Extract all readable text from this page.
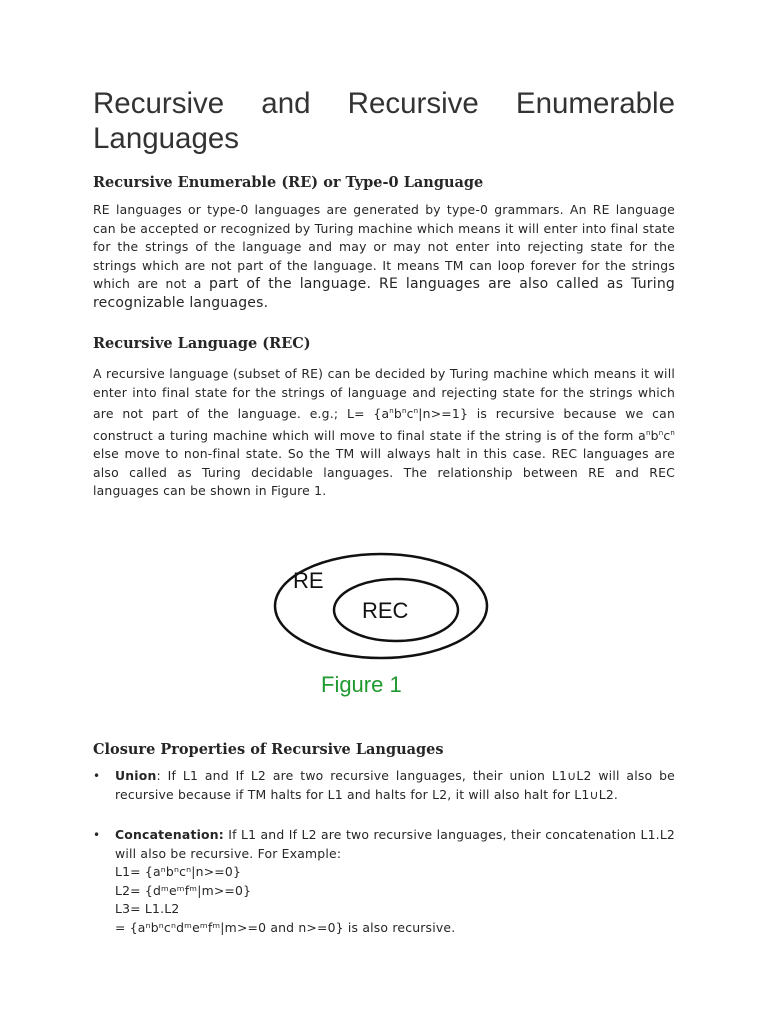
Recursive and Recursive Enumerable Languages
Recursive Enumerable (RE) or Type-0 Language

RE languages or type-0 languages are generated by type-0 grammars. An RE language can be accepted or recognized by Turing machine which means it will enter into final state for the strings of the language and may or may not enter into rejecting state for the strings which are not part of the language. It means TM can loop forever for the strings which are not a part of the language. RE languages are also called as Turing recognizable languages.

Recursive Language (REC)

A recursive language (subset of RE) can be decided by Turing machine which means it will enter into final state for the strings of language and rejecting state for the strings which are not part of the language. e.g.; $L= \{a^nb^nc^n|n>=1\}$ is recursive because we can construct a turing machine which will move to final state if the string is of the form $a^nb^nc^n$ else move to non-final state. So the TM will always halt in this case. REC languages are also called as Turing decidable languages. The relationship between RE and REC languages can be shown in Figure 1.

RE
REC
Figure 1
Closure Properties of Recursive Languages
• Union: If L1 and If L2 are two recursive languages, their union L1∪L2 will also be recursive because if TM halts for L1 and halts for L2, it will also halt for L1∪L2.
• Concatenation: If L1 and If L2 are two recursive languages, their concatenation L1.L2 will also be recursive. For Example:
L1= {aⁿbⁿcⁿ|n>=0}
L2= {dᵐeᵐfᵐ|m>=0}
L3= L1.L2
= {aⁿbⁿcⁿdᵐeᵐfᵐ|m>=0 and n>=0} is also recursive.
